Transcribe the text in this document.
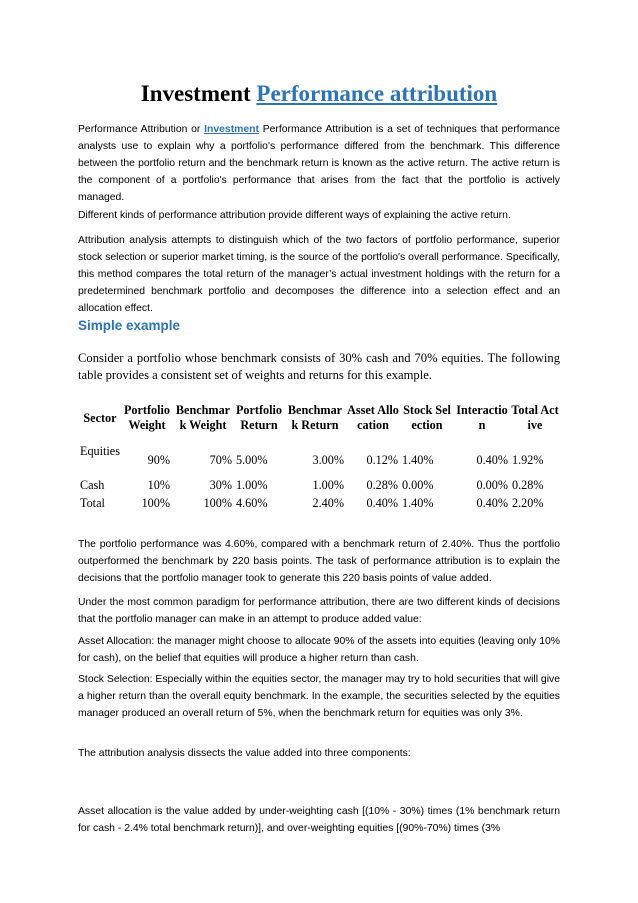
Investment Performance attribution

Performance Attribution or Investment Performance Attribution is a set of techniques that performance analysts use to explain why a portfolio's performance differed from the benchmark. This difference between the portfolio return and the benchmark return is known as the active return. The active return is the component of a portfolio's performance that arises from the fact that the portfolio is actively managed.

Different kinds of performance attribution provide different ways of explaining the active return.

Attribution analysis attempts to distinguish which of the two factors of portfolio performance, superior stock selection or superior market timing, is the source of the portfolio's overall performance. Specifically, this method compares the total return of the manager’s actual investment holdings with the return for a predetermined benchmark portfolio and decomposes the difference into a selection effect and an allocation effect.

Simple example

Consider a portfolio whose benchmark consists of 30% cash and 70% equities. The following table provides a consistent set of weights and returns for this example.

Sector	Portfolio Weight	Benchmark Weight	Portfolio Return	Benchmark Return	Asset Allocation	Stock Selection	Interaction	Total Active
Equities	90%	70%	5.00%	3.00%	0.12%	1.40%	0.40%	1.92%
Cash	10%	30%	1.00%	1.00%	0.28%	0.00%	0.00%	0.28%
Total	100%	100%	4.60%	2.40%	0.40%	1.40%	0.40%	2.20%

The portfolio performance was 4.60%, compared with a benchmark return of 2.40%. Thus the portfolio outperformed the benchmark by 220 basis points. The task of performance attribution is to explain the decisions that the portfolio manager took to generate this 220 basis points of value added.

Under the most common paradigm for performance attribution, there are two different kinds of decisions that the portfolio manager can make in an attempt to produce added value:

Asset Allocation: the manager might choose to allocate 90% of the assets into equities (leaving only 10% for cash), on the belief that equities will produce a higher return than cash.

Stock Selection: Especially within the equities sector, the manager may try to hold securities that will give a higher return than the overall equity benchmark. In the example, the securities selected by the equities manager produced an overall return of 5%, when the benchmark return for equities was only 3%.

The attribution analysis dissects the value added into three components:

Asset allocation is the value added by under-weighting cash [(10% - 30%) times (1% benchmark return for cash - 2.4% total benchmark return)], and over-weighting equities [(90%-70%) times (3%
